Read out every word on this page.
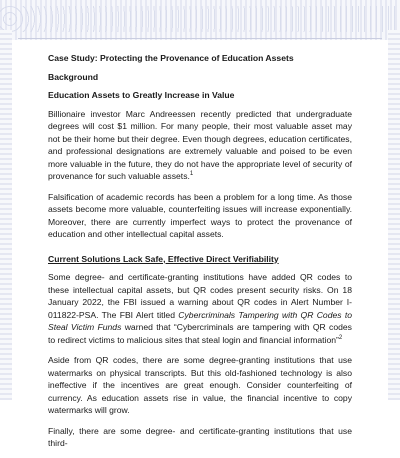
Case Study: Protecting the Provenance of Education Assets
Background
Education Assets to Greatly Increase in Value

Billionaire investor Marc Andreessen recently predicted that undergraduate degrees will cost $1 million. For many people, their most valuable asset may not be their home but their degree. Even though degrees, education certificates, and professional designations are extremely valuable and poised to be even more valuable in the future, they do not have the appropriate level of security of provenance for such valuable assets.$^1$

Falsification of academic records has been a problem for a long time. As those assets become more valuable, counterfeiting issues will increase exponentially. Moreover, there are currently imperfect ways to protect the provenance of education and other intellectual capital assets.

Current Solutions Lack Safe, Effective Direct Verifiability

Some degree- and certificate-granting institutions have added QR codes to these intellectual capital assets, but QR codes present security risks. On 18 January 2022, the FBI issued a warning about QR codes in Alert Number I-011822-PSA. The FBI Alert titled Cybercriminals Tampering with QR Codes to Steal Victim Funds warned that “Cybercriminals are tampering with QR codes to redirect victims to malicious sites that steal login and financial information”$^2$

Aside from QR codes, there are some degree-granting institutions that use watermarks on physical transcripts. But this old-fashioned technology is also ineffective if the incentives are great enough. Consider counterfeiting of currency. As education assets rise in value, the financial incentive to copy watermarks will grow.

Finally, there are some degree- and certificate-granting institutions that use third-
